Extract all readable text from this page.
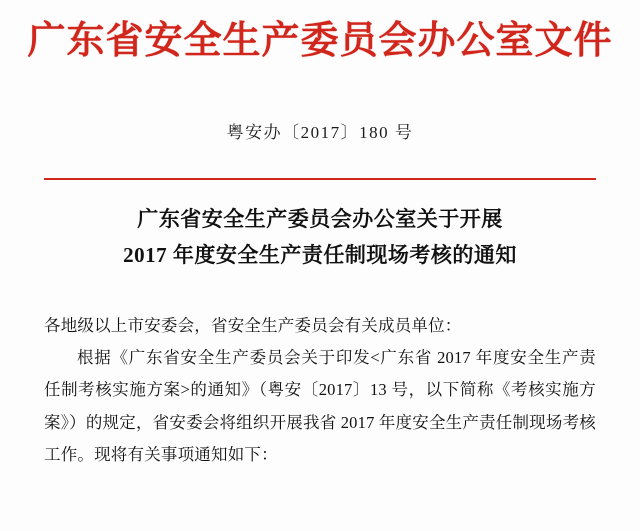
广东省安全生产委员会办公室文件
粤安办〔2017〕180 号
广东省安全生产委员会办公室关于开展
2017 年度安全生产责任制现场考核的通知

各地级以上市安委会，省安全生产委员会有关成员单位：

根据《广东省安全生产委员会关于印发<广东省 2017 年度安全生产责任制考核实施方案>的通知》（粤安〔2017〕13 号，以下简称《考核实施方案》）的规定，省安委会将组织开展我省 2017 年度安全生产责任制现场考核工作。现将有关事项通知如下：
